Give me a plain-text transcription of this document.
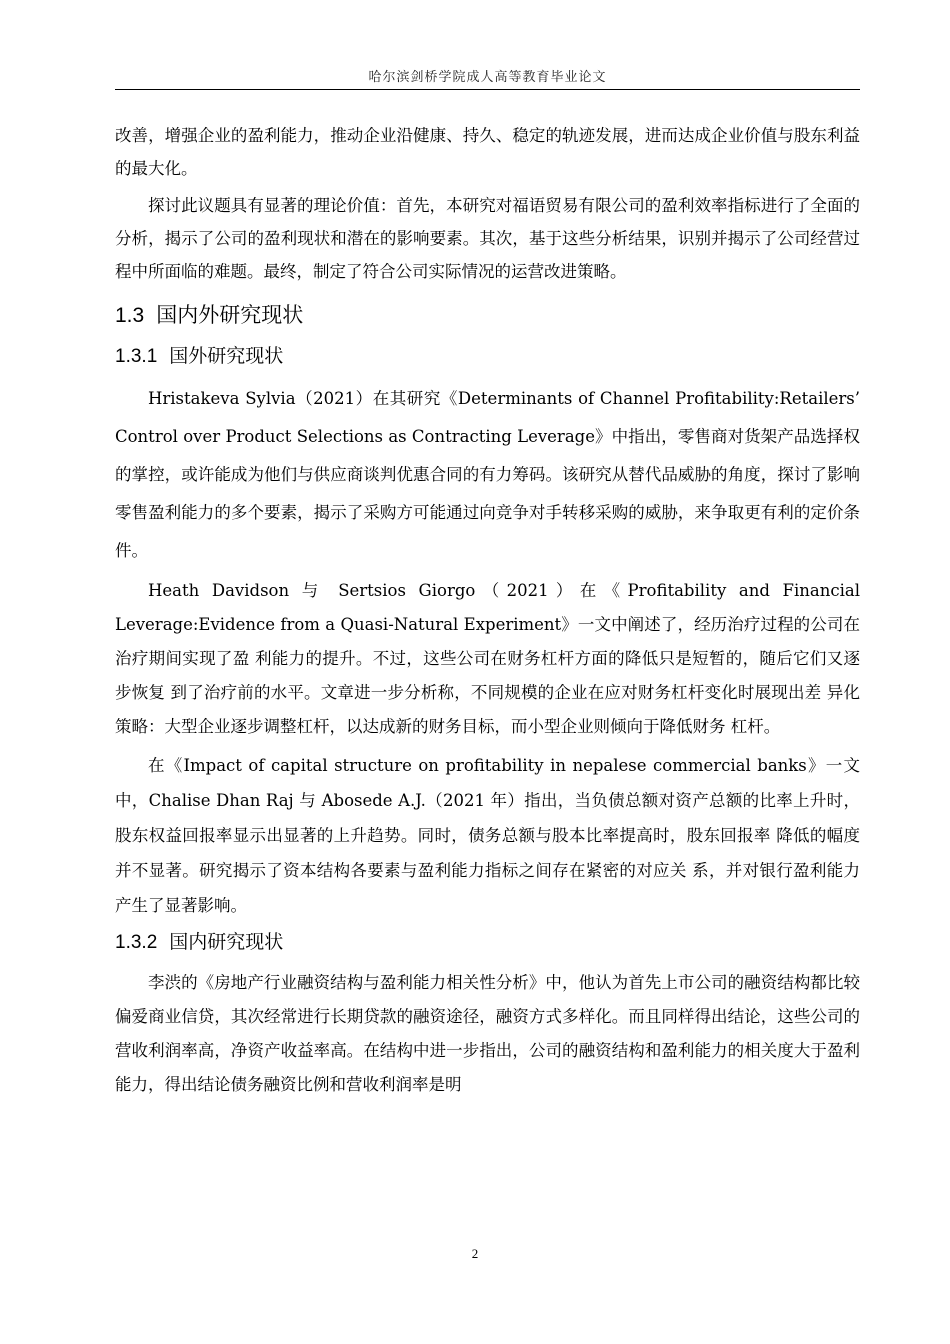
哈尔滨剑桥学院成人高等教育毕业论文

改善，增强企业的盈利能力，推动企业沿健康、持久、稳定的轨迹发展，进而达成企业价值与股东利益的最大化。

探讨此议题具有显著的理论价值：首先，本研究对福语贸易有限公司的盈利效率指标进行了全面的分析，揭示了公司的盈利现状和潜在的影响要素。其次，基于这些分析结果，识别并揭示了公司经营过程中所面临的难题。最终，制定了符合公司实际情况的运营改进策略。

1.3 国内外研究现状
1.3.1 国外研究现状

Hristakeva Sylvia（2021）在其研究《Determinants of Channel Profitability:Retailers’ Control over Product Selections as Contracting Leverage》中指出，零售商对货架产品选择权的掌控，或许能成为他们与供应商谈判优惠合同的有力筹码。该研究从替代品威胁的角度，探讨了影响零售盈利能力的多个要素，揭示了采购方可能通过向竞争对手转移采购的威胁，来争取更有利的定价条件。

Heath Davidson 与 Sertsios Giorgo（2021）在《Profitability and Financial Leverage:Evidence from a Quasi-Natural Experiment》一文中阐述了，经历治疗过程的公司在治疗期间实现了盈 利能力的提升。不过，这些公司在财务杠杆方面的降低只是短暂的，随后它们又逐步恢复 到了治疗前的水平。文章进一步分析称，不同规模的企业在应对财务杠杆变化时展现出差 异化策略：大型企业逐步调整杠杆，以达成新的财务目标，而小型企业则倾向于降低财务 杠杆。

在《Impact of capital structure on profitability in nepalese commercial banks》一文中，Chalise Dhan Raj 与 Abosede A.J.（2021 年）指出，当负债总额对资产总额的比率上升时， 股东权益回报率显示出显著的上升趋势。同时，债务总额与股本比率提高时，股东回报率 降低的幅度并不显著。研究揭示了资本结构各要素与盈利能力指标之间存在紧密的对应关 系，并对银行盈利能力产生了显著影响。

1.3.2 国内研究现状

李渋的《房地产行业融资结构与盈利能力相关性分析》中，他认为首先上市公司的融资结构都比较偏爱商业信贷，其次经常进行长期贷款的融资途径，融资方式多样化。而且同样得出结论，这些公司的营收利润率高，净资产收益率高。在结构中进一步指出，公司的融资结构和盈利能力的相关度大于盈利能力，得出结论债务融资比例和营收利润率是明

2
